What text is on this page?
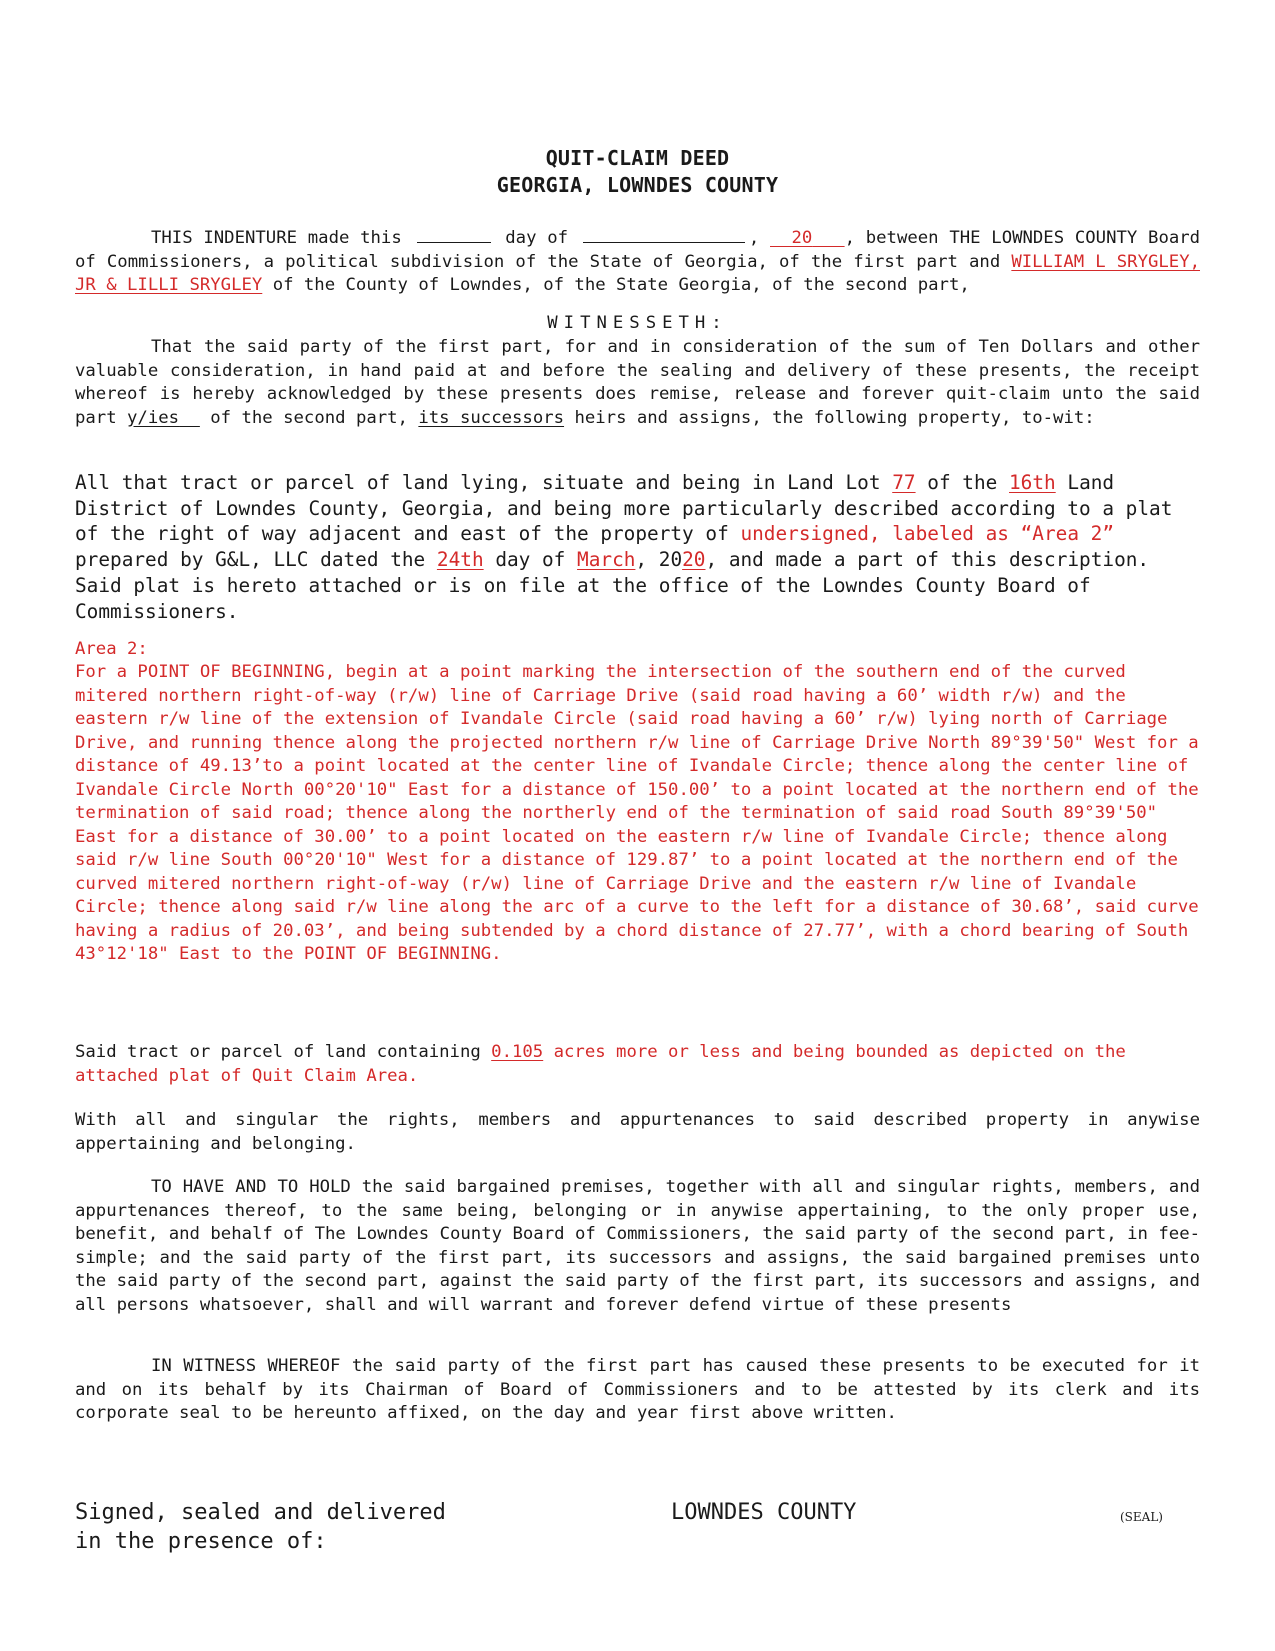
QUIT-CLAIM DEED
GEORGIA, LOWNDES COUNTY
THIS INDENTURE made this	day of	, 20 , between THE LOWNDES COUNTY Board of Commissioners, a political subdivision of the State of Georgia, of the first part and WILLIAM L SRYGLEY, JR & LILLI SRYGLEY of the County of Lowndes, of the State Georgia, of the second part,
WITNESSETH:
That the said party of the first part, for and in consideration of the sum of Ten Dollars and other valuable consideration, in hand paid at and before the sealing and delivery of these presents, the receipt whereof is hereby acknowledged by these presents does remise, release and forever quit-claim unto the said part y/ies of the second part, its successors heirs and assigns, the following property, to-wit:
All that tract or parcel of land lying, situate and being in Land Lot 77 of the 16th Land District of Lowndes County, Georgia, and being more particularly described according to a plat of the right of way adjacent and east of the property of undersigned, labeled as “Area 2” prepared by G&L, LLC dated the 24th day of March, 2020, and made a part of this description. Said plat is hereto attached or is on file at the office of the Lowndes County Board of Commissioners.
Area 2:
For a POINT OF BEGINNING, begin at a point marking the intersection of the southern end of the curved mitered northern right-of-way (r/w) line of Carriage Drive (said road having a 60’ width r/w) and the eastern r/w line of the extension of Ivandale Circle (said road having a 60’ r/w) lying north of Carriage Drive, and running thence along the projected northern r/w line of Carriage Drive North 89°39'50" West for a distance of 49.13’to a point located at the center line of Ivandale Circle; thence along the center line of Ivandale Circle North 00°20'10" East for a distance of 150.00’ to a point located at the northern end of the termination of said road; thence along the northerly end of the termination of said road South 89°39'50" East for a distance of 30.00’ to a point located on the eastern r/w line of Ivandale Circle; thence along said r/w line South 00°20'10" West for a distance of 129.87’ to a point located at the northern end of the curved mitered northern right-of-way (r/w) line of Carriage Drive and the eastern r/w line of Ivandale Circle; thence along said r/w line along the arc of a curve to the left for a distance of 30.68’, said curve having a radius of 20.03’, and being subtended by a chord distance of 27.77’, with a chord bearing of South 43°12'18" East to the POINT OF BEGINNING.
Said tract or parcel of land containing 0.105 acres more or less and being bounded as depicted on the attached plat of Quit Claim Area.
With all and singular the rights, members and appurtenances to said described property in anywise appertaining and belonging.
TO HAVE AND TO HOLD the said bargained premises, together with all and singular rights, members, and appurtenances thereof, to the same being, belonging or in anywise appertaining, to the only proper use, benefit, and behalf of The Lowndes County Board of Commissioners, the said party of the second part, in fee-simple; and the said party of the first part, its successors and assigns, the said bargained premises unto the said party of the second part, against the said party of the first part, its successors and assigns, and all persons whatsoever, shall and will warrant and forever defend virtue of these presents
IN WITNESS WHEREOF the said party of the first part has caused these presents to be executed for it and on its behalf by its Chairman of Board of Commissioners and to be attested by its clerk and its corporate seal to be hereunto affixed, on the day and year first above written.
Signed, sealed and delivered
in the presence of:
LOWNDES COUNTY	(SEAL)
